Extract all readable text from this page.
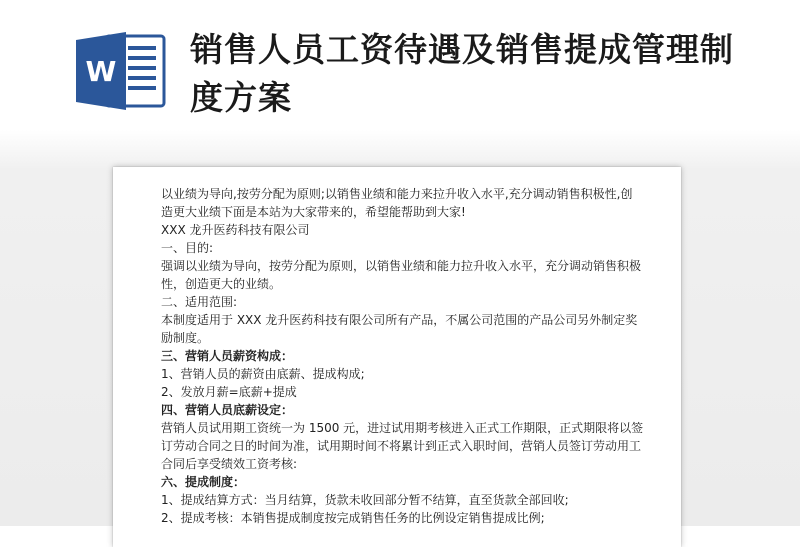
W
销售人员工资待遇及销售提成管理制度方案
以业绩为导向,按劳分配为原则;以销售业绩和能力来拉升收入水平,充分调动销售积极性,创
造更大业绩下面是本站为大家带来的，希望能帮助到大家!
XXX 龙升医药科技有限公司
一、目的:
强调以业绩为导向，按劳分配为原则，以销售业绩和能力拉升收入水平，充分调动销售积极
性，创造更大的业绩。
二、适用范围:
本制度适用于 XXX 龙升医药科技有限公司所有产品，不属公司范围的产品公司另外制定奖
励制度。
三、营销人员薪资构成：
1、营销人员的薪资由底薪、提成构成;
2、发放月薪=底薪+提成
四、营销人员底薪设定：
营销人员试用期工资统一为 1500 元，进过试用期考核进入正式工作期限，正式期限将以签
订劳动合同之日的时间为准，试用期时间不将累计到正式入职时间，营销人员签订劳动用工
合同后享受绩效工资考核:
六、提成制度：
1、提成结算方式：当月结算，货款未收回部分暂不结算，直至货款全部回收;
2、提成考核：本销售提成制度按完成销售任务的比例设定销售提成比例;
